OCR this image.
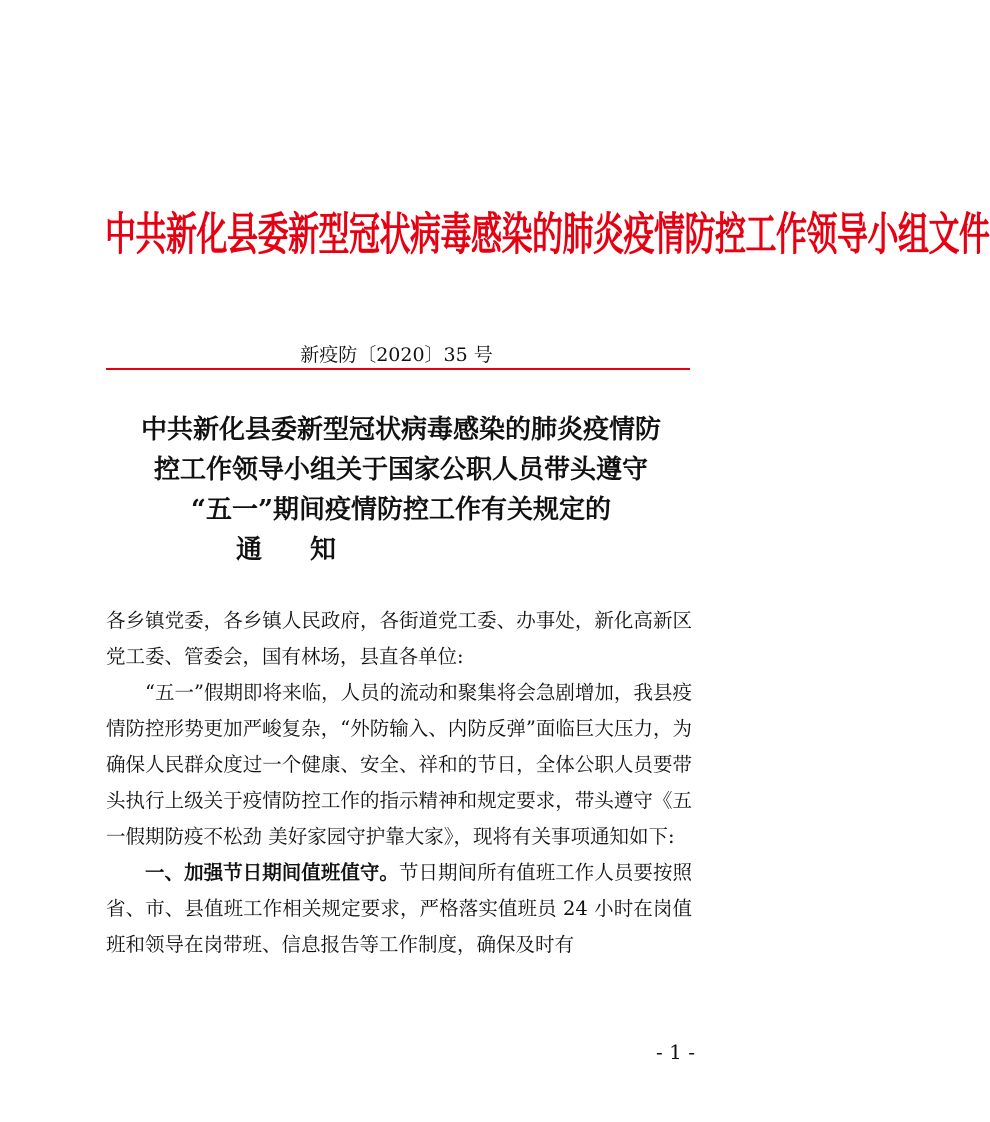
中共新化县委新型冠状病毒感染的肺炎疫情防控工作领导小组文件
新疫防〔2020〕35 号
中共新化县委新型冠状病毒感染的肺炎疫情防
控工作领导小组关于国家公职人员带头遵守
“五一”期间疫情防控工作有关规定的
通知

各乡镇党委，各乡镇人民政府，各街道党工委、办事处，新化高新区党工委、管委会，国有林场，县直各单位:

“五一”假期即将来临，人员的流动和聚集将会急剧增加，我县疫情防控形势更加严峻复杂，“外防输入、内防反弹”面临巨大压力，为确保人民群众度过一个健康、安全、祥和的节日，全体公职人员要带头执行上级关于疫情防控工作的指示精神和规定要求，带头遵守《五一假期防疫不松劲 美好家园守护靠大家》，现将有关事项通知如下:

一、加强节日期间值班值守。节日期间所有值班工作人员要按照省、市、县值班工作相关规定要求，严格落实值班员 24 小时在岗值班和领导在岗带班、信息报告等工作制度，确保及时有

- 1 -
